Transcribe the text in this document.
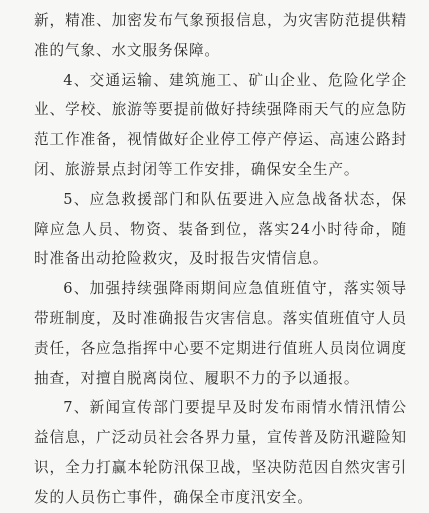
新，精准、加密发布气象预报信息，为灾害防范提供精准的气象、水文服务保障。

4、交通运输、建筑施工、矿山企业、危险化学企业、学校、旅游等要提前做好持续强降雨天气的应急防范工作准备，视情做好企业停工停产停运、高速公路封闭、旅游景点封闭等工作安排，确保安全生产。

5、应急救援部门和队伍要进入应急战备状态，保障应急人员、物资、装备到位，落实24小时待命，随时准备出动抢险救灾，及时报告灾情信息。

6、加强持续强降雨期间应急值班值守，落实领导带班制度，及时准确报告灾害信息。落实值班值守人员责任，各应急指挥中心要不定期进行值班人员岗位调度抽查，对擅自脱离岗位、履职不力的予以通报。

7、新闻宣传部门要提早及时发布雨情水情汛情公益信息，广泛动员社会各界力量，宣传普及防汛避险知识，全力打赢本轮防汛保卫战，坚决防范因自然灾害引发的人员伤亡事件，确保全市度汛安全。
